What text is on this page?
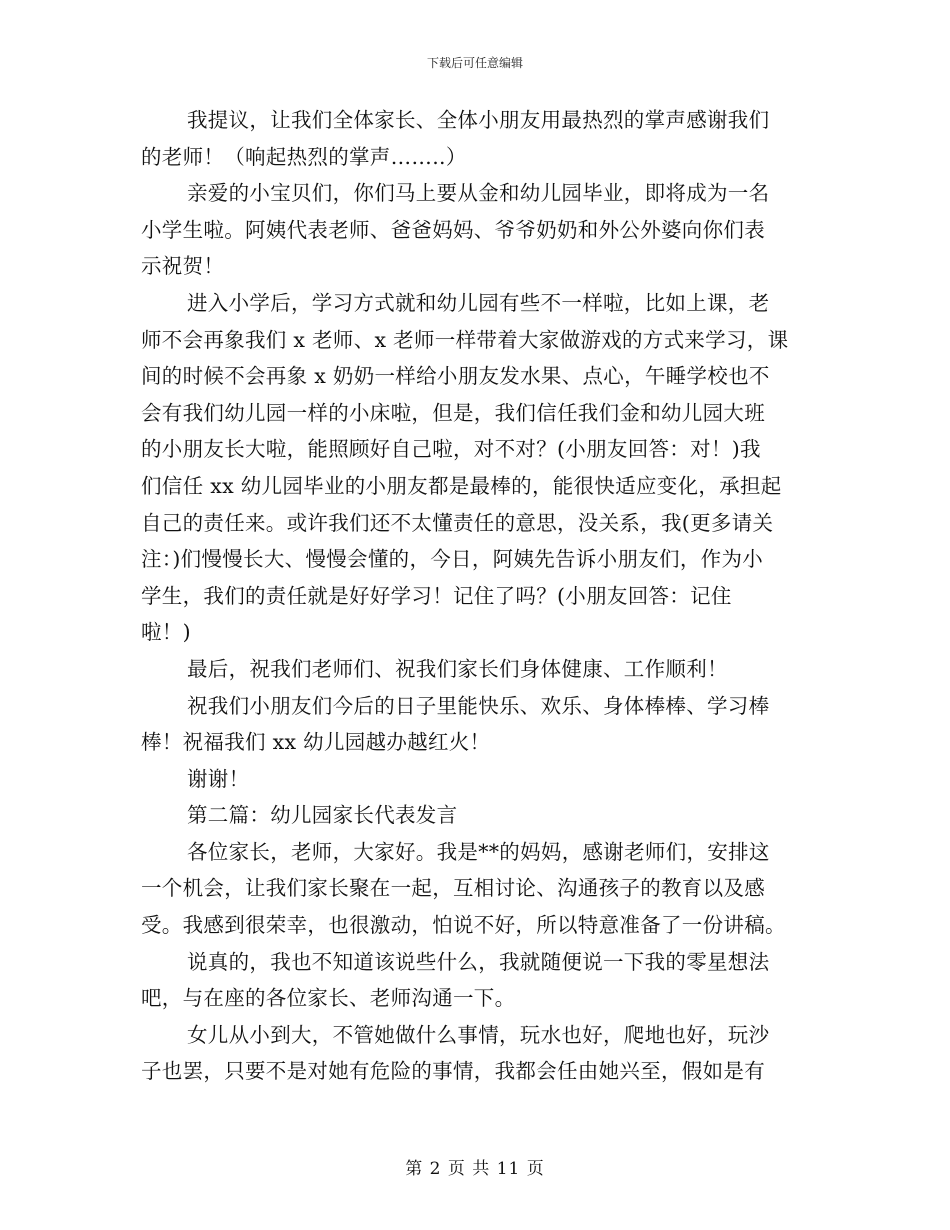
下载后可任意编辑
我提议，让我们全体家长、全体小朋友用最热烈的掌声感谢我们
的老师！（响起热烈的掌声……..）
亲爱的小宝贝们，你们马上要从金和幼儿园毕业，即将成为一名
小学生啦。阿姨代表老师、爸爸妈妈、爷爷奶奶和外公外婆向你们表
示祝贺！
进入小学后，学习方式就和幼儿园有些不一样啦，比如上课，老
师不会再象我们 x 老师、x 老师一样带着大家做游戏的方式来学习，课
间的时候不会再象 x 奶奶一样给小朋友发水果、点心，午睡学校也不
会有我们幼儿园一样的小床啦，但是，我们信任我们金和幼儿园大班
的小朋友长大啦，能照顾好自己啦，对不对？(小朋友回答：对！)我
们信任 xx 幼儿园毕业的小朋友都是最棒的，能很快适应变化，承担起
自己的责任来。或许我们还不太懂责任的意思，没关系，我(更多请关
注：)们慢慢长大、慢慢会懂的，今日，阿姨先告诉小朋友们，作为小
学生，我们的责任就是好好学习！记住了吗？(小朋友回答：记住
啦！)
最后，祝我们老师们、祝我们家长们身体健康、工作顺利！
祝我们小朋友们今后的日子里能快乐、欢乐、身体棒棒、学习棒
棒！祝福我们 xx 幼儿园越办越红火！
谢谢！
第二篇：幼儿园家长代表发言
各位家长，老师，大家好。我是**的妈妈，感谢老师们，安排这
一个机会，让我们家长聚在一起，互相讨论、沟通孩子的教育以及感
受。我感到很荣幸，也很激动，怕说不好，所以特意准备了一份讲稿。
说真的，我也不知道该说些什么，我就随便说一下我的零星想法
吧，与在座的各位家长、老师沟通一下。
女儿从小到大，不管她做什么事情，玩水也好，爬地也好，玩沙
子也罢，只要不是对她有危险的事情，我都会任由她兴至，假如是有
第 2 页 共 11 页
